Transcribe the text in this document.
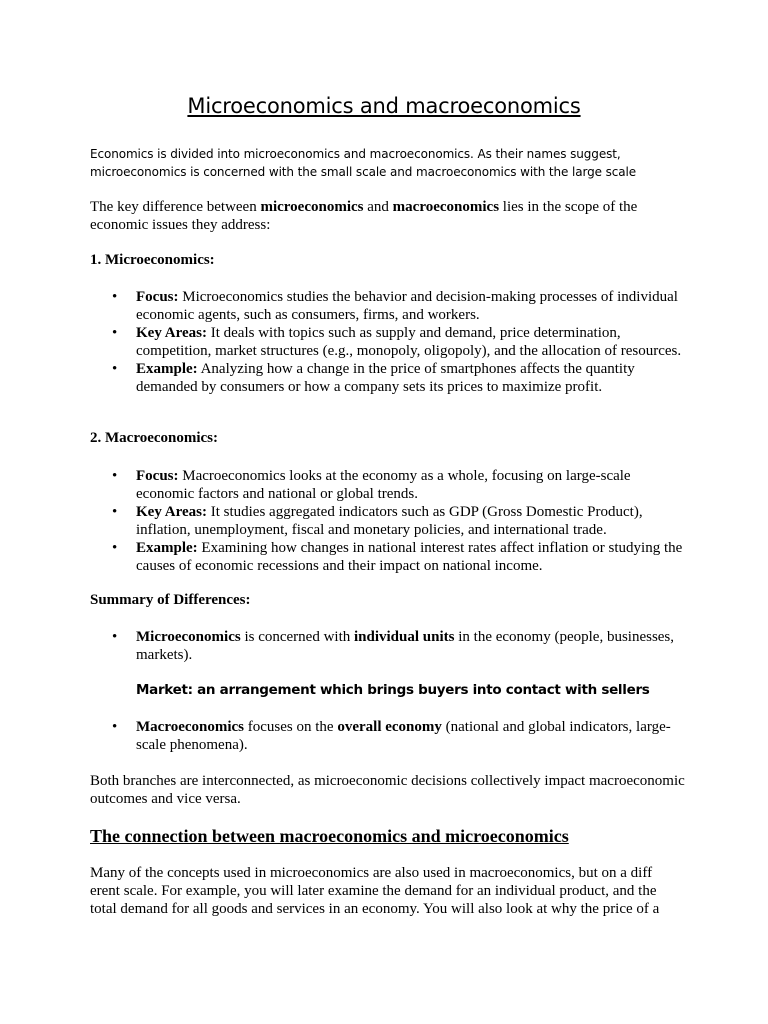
Microeconomics and macroeconomics
Economics is divided into microeconomics and macroeconomics. As their names suggest, microeconomics is concerned with the small scale and macroeconomics with the large scale
The key difference between microeconomics and macroeconomics lies in the scope of the economic issues they address:
1. Microeconomics:
• Focus: Microeconomics studies the behavior and decision-making processes of individual economic agents, such as consumers, firms, and workers.
• Key Areas: It deals with topics such as supply and demand, price determination, competition, market structures (e.g., monopoly, oligopoly), and the allocation of resources.
• Example: Analyzing how a change in the price of smartphones affects the quantity demanded by consumers or how a company sets its prices to maximize profit.
2. Macroeconomics:
• Focus: Macroeconomics looks at the economy as a whole, focusing on large-scale economic factors and national or global trends.
• Key Areas: It studies aggregated indicators such as GDP (Gross Domestic Product), inflation, unemployment, fiscal and monetary policies, and international trade.
• Example: Examining how changes in national interest rates affect inflation or studying the causes of economic recessions and their impact on national income.
Summary of Differences:
• Microeconomics is concerned with individual units in the economy (people, businesses, markets).
Market: an arrangement which brings buyers into contact with sellers
• Macroeconomics focuses on the overall economy (national and global indicators, large-scale phenomena).
Both branches are interconnected, as microeconomic decisions collectively impact macroeconomic outcomes and vice versa.
The connection between macroeconomics and microeconomics
Many of the concepts used in microeconomics are also used in macroeconomics, but on a diff erent scale. For example, you will later examine the demand for an individual product, and the total demand for all goods and services in an economy. You will also look at why the price of a
